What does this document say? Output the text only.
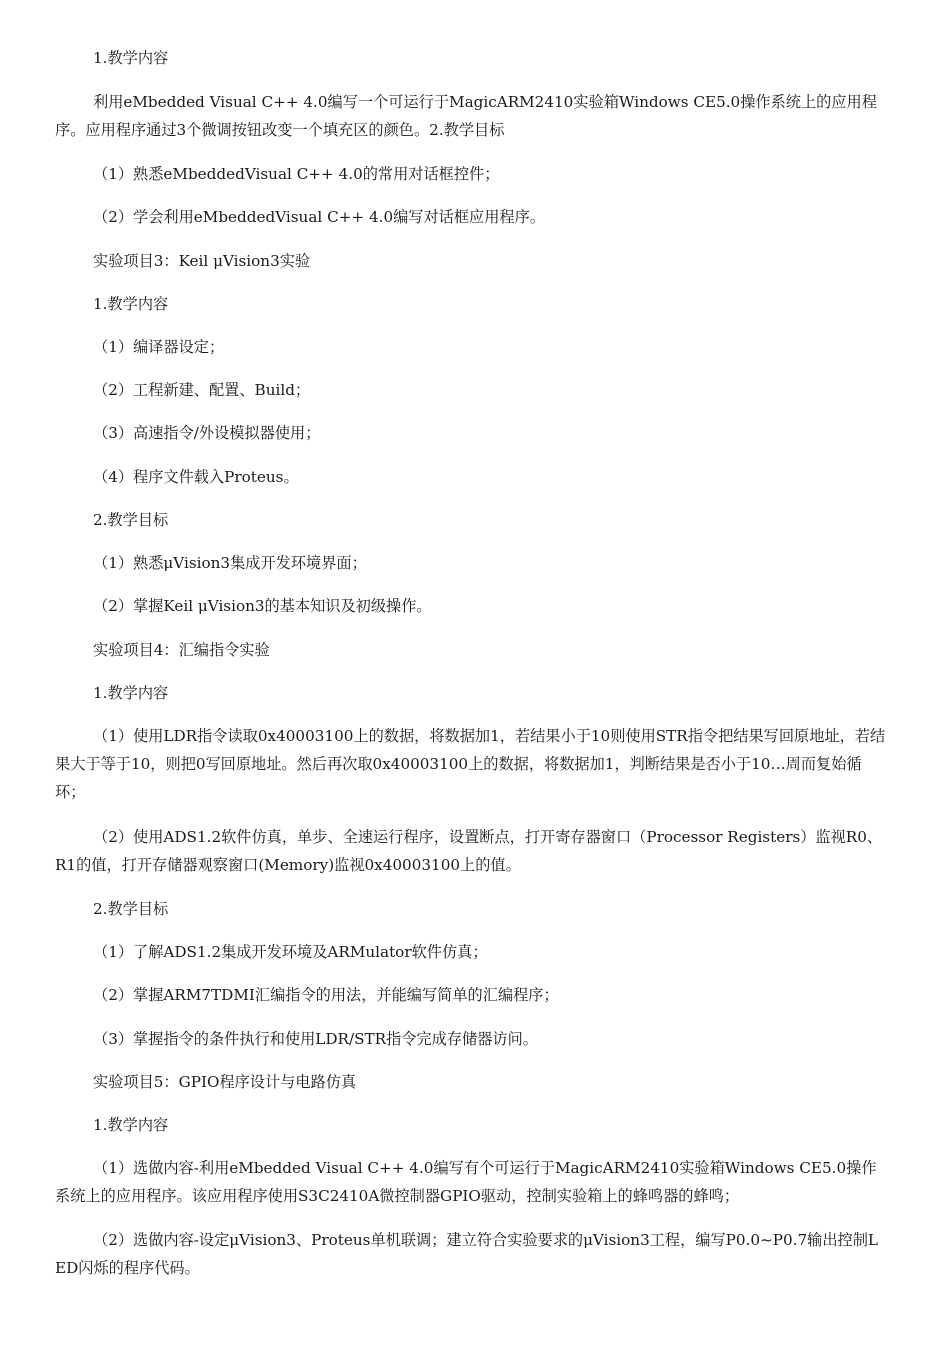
1.教学内容

利用eMbedded Visual C++ 4.0编写一个可运行于MagicARM2410实验箱Windows CE5.0操作系统上的应用程序。应用程序通过3个微调按钮改变一个填充区的颜色。2.教学目标

（1）熟悉eMbeddedVisual C++ 4.0的常用对话框控件；

（2）学会利用eMbeddedVisual C++ 4.0编写对话框应用程序。

实验项目3：Keil μVision3实验

1.教学内容

（1）编译器设定；

（2）工程新建、配置、Build；

（3）高速指令/外设模拟器使用；

（4）程序文件载入Proteus。

2.教学目标

（1）熟悉μVision3集成开发环境界面；

（2）掌握Keil μVision3的基本知识及初级操作。

实验项目4：汇编指令实验

1.教学内容

（1）使用LDR指令读取0x40003100上的数据，将数据加1，若结果小于10则使用STR指令把结果写回原地址，若结果大于等于10，则把0写回原地址。然后再次取0x40003100上的数据，将数据加1，判断结果是否小于10…周而复始循环；

（2）使用ADS1.2软件仿真，单步、全速运行程序，设置断点，打开寄存器窗口（Processor Registers）监视R0、R1的值，打开存储器观察窗口(Memory)监视0x40003100上的值。

2.教学目标

（1）了解ADS1.2集成开发环境及ARMulator软件仿真；

（2）掌握ARM7TDMI汇编指令的用法，并能编写简单的汇编程序；

（3）掌握指令的条件执行和使用LDR/STR指令完成存储器访问。

实验项目5：GPIO程序设计与电路仿真

1.教学内容

（1）选做内容-利用eMbedded Visual C++ 4.0编写有个可运行于MagicARM2410实验箱Windows CE5.0操作系统上的应用程序。该应用程序使用S3C2410A微控制器GPIO驱动，控制实验箱上的蜂鸣器的蜂鸣；

（2）选做内容-设定μVision3、Proteus单机联调；建立符合实验要求的μVision3工程，编写P0.0~P0.7输出控制LED闪烁的程序代码。
